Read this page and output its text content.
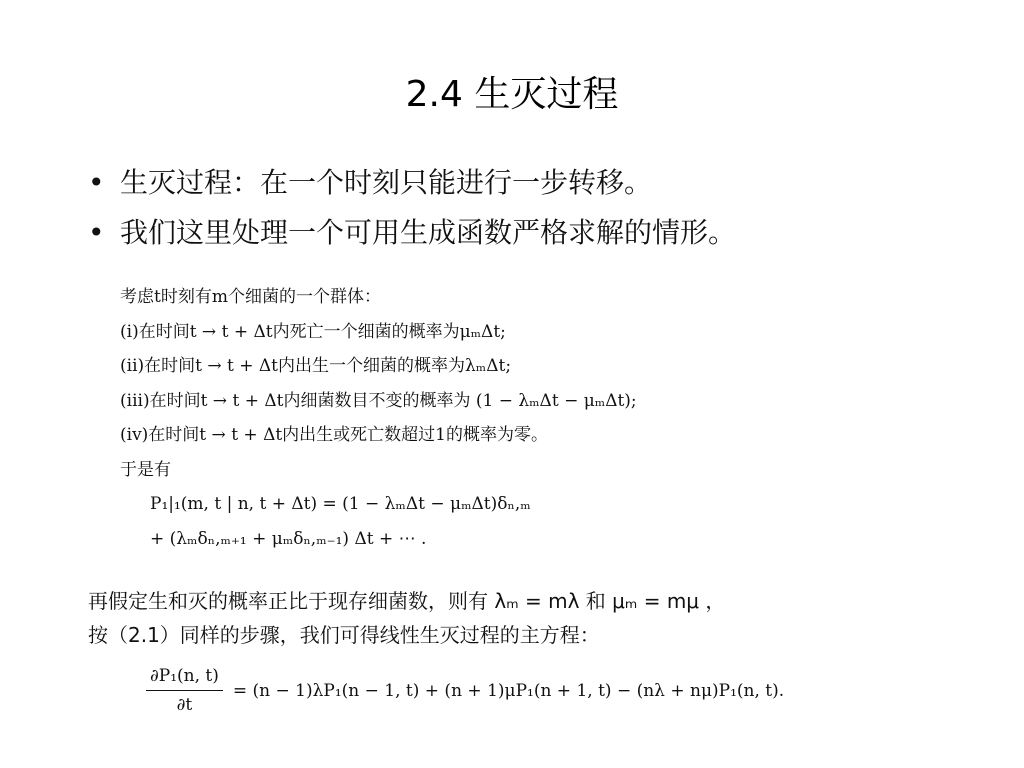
2.4 生灭过程
• 生灭过程：在一个时刻只能进行一步转移。
• 我们这里处理一个可用生成函数严格求解的情形。
考虑t时刻有m个细菌的一个群体：
(i)在时间t → t + Δt内死亡一个细菌的概率为μₘΔt;
(ii)在时间t → t + Δt内出生一个细菌的概率为λₘΔt;
(iii)在时间t → t + Δt内细菌数目不变的概率为 (1 − λₘΔt − μₘΔt);
(iv)在时间t → t + Δt内出生或死亡数超过1的概率为零。
于是有
P₁|₁(m, t | n, t + Δt) = (1 − λₘΔt − μₘΔt)δₙ,ₘ
+ (λₘδₙ,ₘ₊₁ + μₘδₙ,ₘ₋₁) Δt + ⋯ .
再假定生和灭的概率正比于现存细菌数，则有 λₘ = mλ 和 μₘ = mμ ，
按（2.1）同样的步骤，我们可得线性生灭过程的主方程：
$\frac{\text{∂P₁(n, t)}}{\partial t} = (n - 1)\lambda P_1(n - 1$, t) + (n + 1)μP₁(n + 1, t) − (nλ + nμ)P₁(n, t).
